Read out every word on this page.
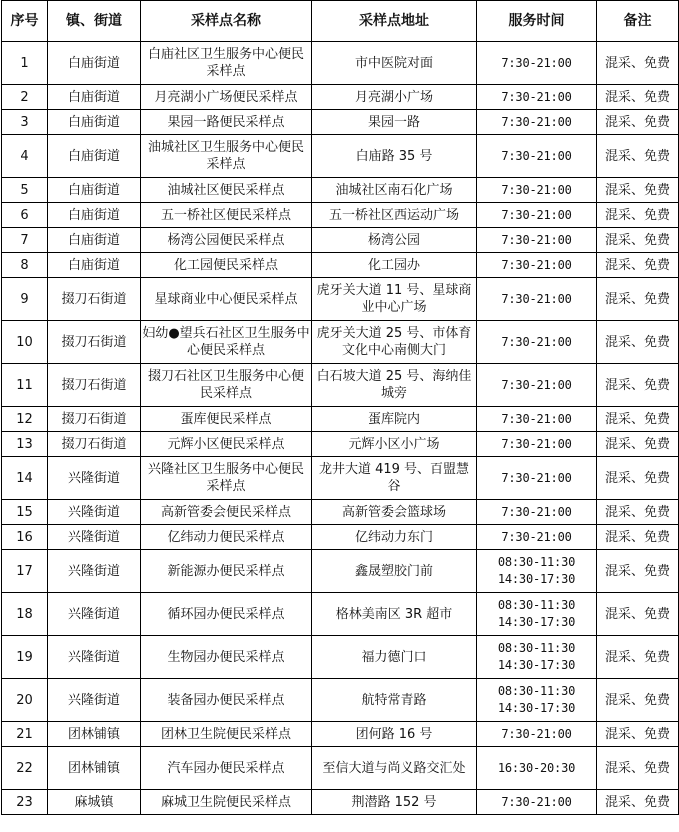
序号	镇、街道	采样点名称	采样点地址	服务时间	备注
1	白庙街道	白庙社区卫生服务中心便民采样点	市中医院对面	7:30-21:00	混采、免费
2	白庙街道	月亮湖小广场便民采样点	月亮湖小广场	7:30-21:00	混采、免费
3	白庙街道	果园一路便民采样点	果园一路	7:30-21:00	混采、免费
4	白庙街道	油城社区卫生服务中心便民采样点	白庙路 35 号	7:30-21:00	混采、免费
5	白庙街道	油城社区便民采样点	油城社区南石化广场	7:30-21:00	混采、免费
6	白庙街道	五一桥社区便民采样点	五一桥社区西运动广场	7:30-21:00	混采、免费
7	白庙街道	杨湾公园便民采样点	杨湾公园	7:30-21:00	混采、免费
8	白庙街道	化工园便民采样点	化工园办	7:30-21:00	混采、免费
9	掇刀石街道	星球商业中心便民采样点	虎牙关大道 11 号、星球商业中心广场	7:30-21:00	混采、免费
10	掇刀石街道	妇幼●望兵石社区卫生服务中心便民采样点	虎牙关大道 25 号、市体育文化中心南侧大门	7:30-21:00	混采、免费
11	掇刀石街道	掇刀石社区卫生服务中心便民采样点	白石坡大道 25 号、海纳佳城旁	7:30-21:00	混采、免费
12	掇刀石街道	蛋库便民采样点	蛋库院内	7:30-21:00	混采、免费
13	掇刀石街道	元辉小区便民采样点	元辉小区小广场	7:30-21:00	混采、免费
14	兴隆街道	兴隆社区卫生服务中心便民采样点	龙井大道 419 号、百盟慧谷	7:30-21:00	混采、免费
15	兴隆街道	高新管委会便民采样点	高新管委会篮球场	7:30-21:00	混采、免费
16	兴隆街道	亿纬动力便民采样点	亿纬动力东门	7:30-21:00	混采、免费
17	兴隆街道	新能源办便民采样点	鑫晟塑胶门前	08:30-11:30 14:30-17:30	混采、免费
18	兴隆街道	循环园办便民采样点	格林美南区 3R 超市	08:30-11:30 14:30-17:30	混采、免费
19	兴隆街道	生物园办便民采样点	福力德门口	08:30-11:30 14:30-17:30	混采、免费
20	兴隆街道	装备园办便民采样点	航特常青路	08:30-11:30 14:30-17:30	混采、免费
21	团林铺镇	团林卫生院便民采样点	团何路 16 号	7:30-21:00	混采、免费
22	团林铺镇	汽车园办便民采样点	至信大道与尚义路交汇处	16:30-20:30	混采、免费
23	麻城镇	麻城卫生院便民采样点	荆潜路 152 号	7:30-21:00	混采、免费
